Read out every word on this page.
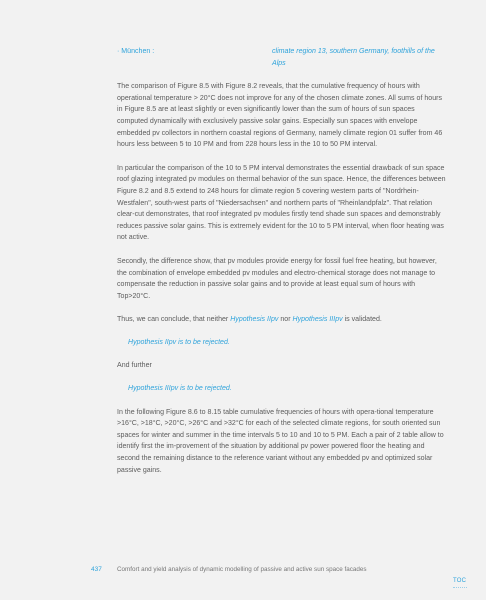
· München :	climate region 13, southern Germany, foothills of the Alps

The comparison of Figure 8.5 with Figure 8.2 reveals, that the cumulative frequency of hours with operational temperature > 20°C does not improve for any of the chosen climate zones. All sums of hours in Figure 8.5 are at least slightly or even significantly lower than the sum of hours of sun spaces computed dynamically with exclusively passive solar gains. Especially sun spaces with envelope embedded pv collectors in northern coastal regions of Germany, namely climate region 01 suffer from 46 hours less between 5 to 10 PM and from 228 hours less in the 10 to 50 PM interval.

In particular the comparison of the 10 to 5 PM interval demonstrates the essential drawback of sun space roof glazing integrated pv modules on thermal behavior of the sun space. Hence, the differences between Figure 8.2 and 8.5 extend to 248 hours for climate region 5 covering western parts of "Nordrhein-Westfalen", south-west parts of "Niedersachsen" and northern parts of "Rheinlandpfalz". That relation clear-cut demonstrates, that roof integrated pv modules firstly tend shade sun spaces and demonstrably reduces passive solar gains. This is extremely evident for the 10 to 5 PM interval, when floor heating was not active.

Secondly, the difference show, that pv modules provide energy for fossil fuel free heating, but however, the combination of envelope embedded pv modules and electro-chemical storage does not manage to compensate the reduction in passive solar gains and to provide at least equal sum of hours with Top>20°C.

Thus, we can conclude, that neither Hypothesis IIpv nor Hypothesis IIIpv is validated.

Hypothesis IIpv is to be rejected.

And further

Hypothesis IIIpv is to be rejected.

In the following Figure 8.6 to 8.15 table cumulative frequencies of hours with opera-tional temperature >16°C, >18°C, >20°C, >26°C and >32°C for each of the selected climate regions, for south oriented sun spaces for winter and summer in the time intervals 5 to 10 and 10 to 5 PM. Each a pair of 2 table allow to identify first the im-provement of the situation by additional pv power powered floor the heating and second the remaining distance to the reference variant without any embedded pv and optimized solar passive gains.

437 Comfort and yield analysis of dynamic modelling of passive and active sun space facades
TOC
